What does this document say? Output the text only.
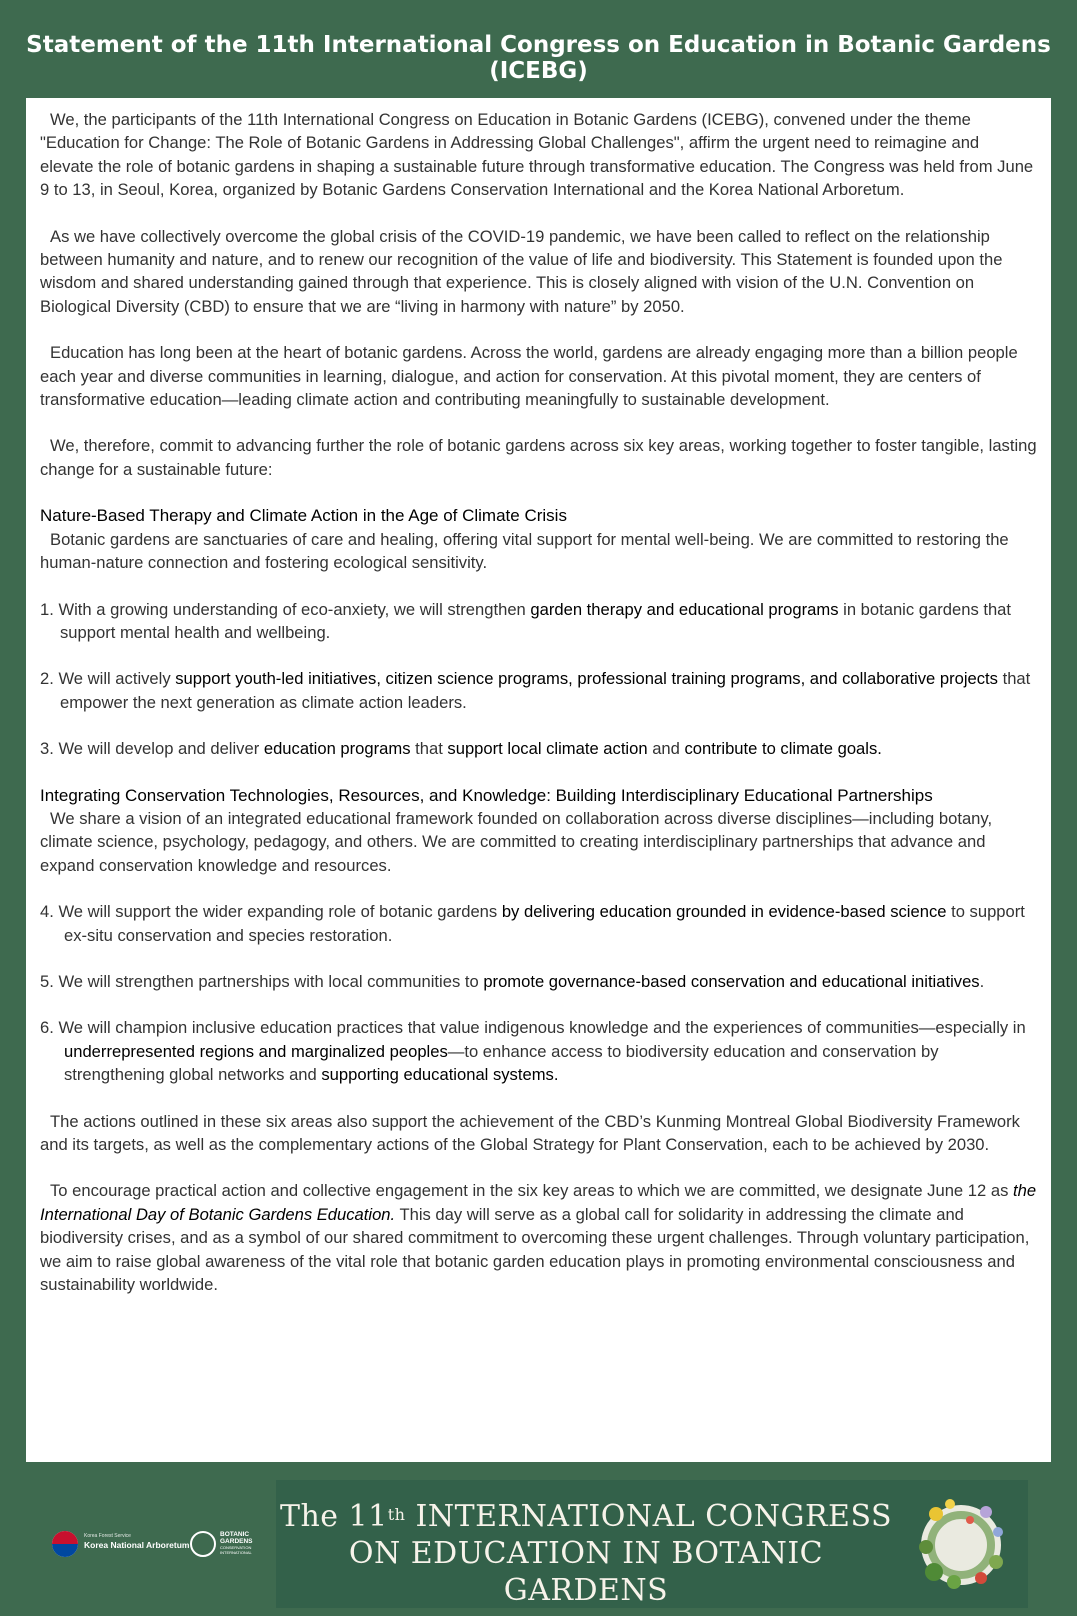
Statement of the 11th International Congress on Education in Botanic Gardens (ICEBG)

We, the participants of the 11th International Congress on Education in Botanic Gardens (ICEBG), convened under the theme "Education for Change: The Role of Botanic Gardens in Addressing Global Challenges", affirm the urgent need to reimagine and elevate the role of botanic gardens in shaping a sustainable future through transformative education. The Congress was held from June 9 to 13, in Seoul, Korea, organized by Botanic Gardens Conservation International and the Korea National Arboretum.

As we have collectively overcome the global crisis of the COVID-19 pandemic, we have been called to reflect on the relationship between humanity and nature, and to renew our recognition of the value of life and biodiversity. This Statement is founded upon the wisdom and shared understanding gained through that experience. This is closely aligned with vision of the U.N. Convention on Biological Diversity (CBD) to ensure that we are “living in harmony with nature” by 2050.

Education has long been at the heart of botanic gardens. Across the world, gardens are already engaging more than a billion people each year and diverse communities in learning, dialogue, and action for conservation. At this pivotal moment, they are centers of transformative education—leading climate action and contributing meaningfully to sustainable development.

We, therefore, commit to advancing further the role of botanic gardens across six key areas, working together to foster tangible, lasting change for a sustainable future:

Nature-Based Therapy and Climate Action in the Age of Climate Crisis

Botanic gardens are sanctuaries of care and healing, offering vital support for mental well-being. We are committed to restoring the human-nature connection and fostering ecological sensitivity.

1. With a growing understanding of eco-anxiety, we will strengthen garden therapy and educational programs in botanic gardens that support mental health and wellbeing.

2. We will actively support youth-led initiatives, citizen science programs, professional training programs, and collaborative projects that empower the next generation as climate action leaders.

3. We will develop and deliver education programs that support local climate action and contribute to climate goals.

Integrating Conservation Technologies, Resources, and Knowledge: Building Interdisciplinary Educational Partnerships

We share a vision of an integrated educational framework founded on collaboration across diverse disciplines—including botany, climate science, psychology, pedagogy, and others. We are committed to creating interdisciplinary partnerships that advance and expand conservation knowledge and resources.

4. We will support the wider expanding role of botanic gardens by delivering education grounded in evidence-based science to support ex-situ conservation and species restoration.

5. We will strengthen partnerships with local communities to promote governance-based conservation and educational initiatives.

6. We will champion inclusive education practices that value indigenous knowledge and the experiences of communities—especially in underrepresented regions and marginalized peoples—to enhance access to biodiversity education and conservation by strengthening global networks and supporting educational systems.

The actions outlined in these six areas also support the achievement of the CBD’s Kunming Montreal Global Biodiversity Framework and its targets, as well as the complementary actions of the Global Strategy for Plant Conservation, each to be achieved by 2030.

To encourage practical action and collective engagement in the six key areas to which we are committed, we designate June 12 as the International Day of Botanic Gardens Education. This day will serve as a global call for solidarity in addressing the climate and biodiversity crises, and as a symbol of our shared commitment to overcoming these urgent challenges. Through voluntary participation, we aim to raise global awareness of the vital role that botanic garden education plays in promoting environmental consciousness and sustainability worldwide.

Korea Forest Service
Korea National Arboretum
BOTANIC
GARDENS
CONSERVATION
INTERNATIONAL
The 11th INTERNATIONAL CONGRESS
ON EDUCATION IN BOTANIC GARDENS
